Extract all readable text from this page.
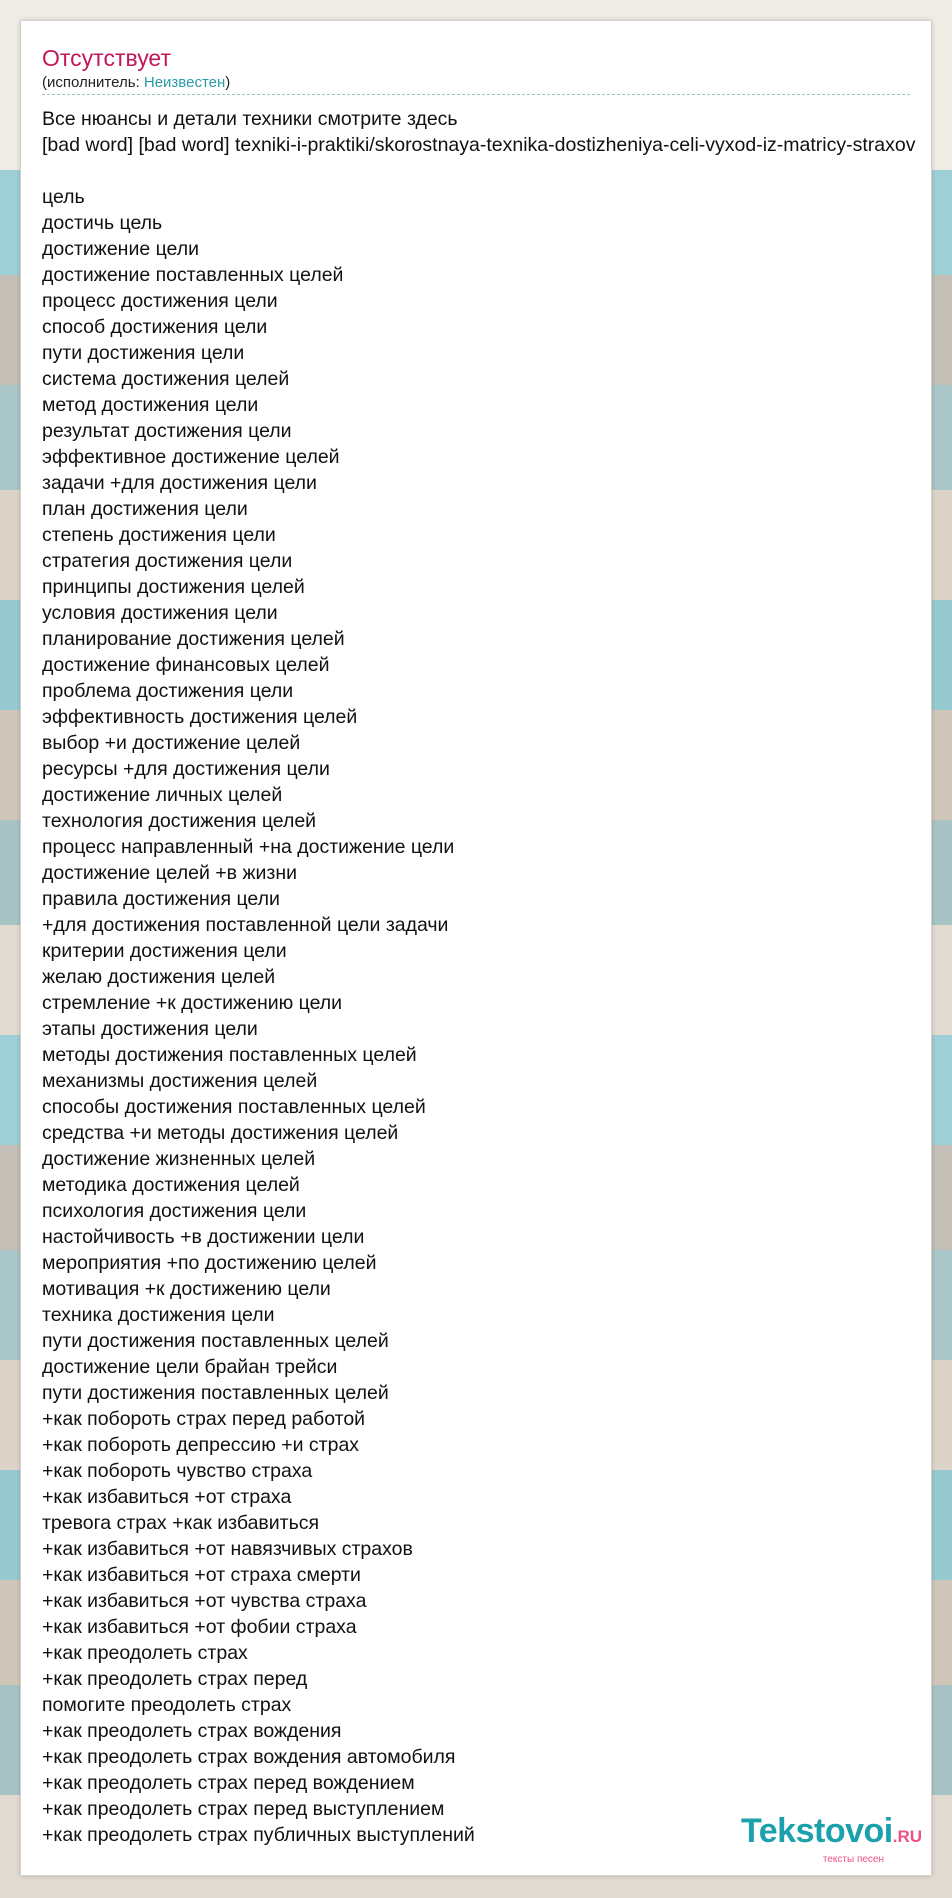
Отсутствует
(исполнитель: Неизвестен)
Все нюансы и детали техники смотрите здесь
[bad word] [bad word] texniki-i-praktiki/skorostnaya-texnika-dostizheniya-celi-vyxod-iz-matricy-straxov
цель
достичь цель
достижение цели
достижение поставленных целей
процесс достижения цели
способ достижения цели
пути достижения цели
система достижения целей
метод достижения цели
результат достижения цели
эффективное достижение целей
задачи +для достижения цели
план достижения цели
степень достижения цели
стратегия достижения цели
принципы достижения целей
условия достижения цели
планирование достижения целей
достижение финансовых целей
проблема достижения цели
эффективность достижения целей
выбор +и достижение целей
ресурсы +для достижения цели
достижение личных целей
технология достижения целей
процесс направленный +на достижение цели
достижение целей +в жизни
правила достижения цели
+для достижения поставленной цели задачи
критерии достижения цели
желаю достижения целей
стремление +к достижению цели
этапы достижения цели
методы достижения поставленных целей
механизмы достижения целей
способы достижения поставленных целей
средства +и методы достижения целей
достижение жизненных целей
методика достижения целей
психология достижения цели
настойчивость +в достижении цели
мероприятия +по достижению целей
мотивация +к достижению цели
техника достижения цели
пути достижения поставленных целей
достижение цели брайан трейси
пути достижения поставленных целей
+как побороть страх перед работой
+как побороть депрессию +и страх
+как побороть чувство страха
+как избавиться +от страха
тревога страх +как избавиться
+как избавиться +от навязчивых страхов
+как избавиться +от страха смерти
+как избавиться +от чувства страха
+как избавиться +от фобии страха
+как преодолеть страх
+как преодолеть страх перед
помогите преодолеть страх
+как преодолеть страх вождения
+как преодолеть страх вождения автомобиля
+как преодолеть страх перед вождением
+как преодолеть страх перед выступлением
+как преодолеть страх публичных выступлений	Tekstovoi.RU
тексты песен
